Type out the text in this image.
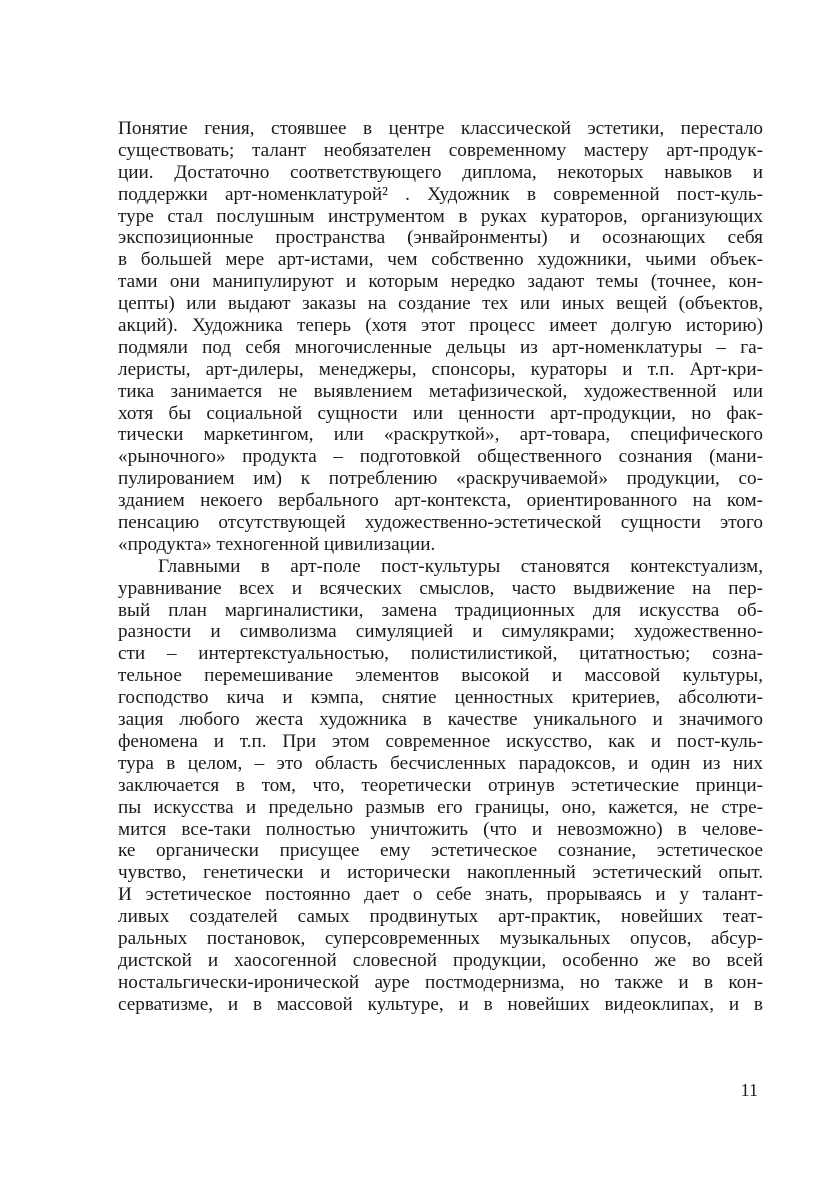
Понятие гения, стоявшее в центре классической эстетики, перестало
существовать; талант необязателен современному мастеру арт-продук-
ции. Достаточно соответствующего диплома, некоторых навыков и
поддержки арт-номенклатурой² . Художник в современной пост-куль-
туре стал послушным инструментом в руках кураторов, организующих
экспозиционные пространства (энвайронменты) и осознающих себя
в большей мере арт-истами, чем собственно художники, чьими объек-
тами они манипулируют и которым нередко задают темы (точнее, кон-
цепты) или выдают заказы на создание тех или иных вещей (объектов,
акций). Художника теперь (хотя этот процесс имеет долгую историю)
подмяли под себя многочисленные дельцы из арт-номенклатуры – га-
леристы, арт-дилеры, менеджеры, спонсоры, кураторы и т.п. Арт-кри-
тика занимается не выявлением метафизической, художественной или
хотя бы социальной сущности или ценности арт-продукции, но фак-
тически маркетингом, или «раскруткой», арт-товара, специфического
«рыночного» продукта – подготовкой общественного сознания (мани-
пулированием им) к потреблению «раскручиваемой» продукции, со-
зданием некоего вербального арт-контекста, ориентированного на ком-
пенсацию отсутствующей художественно-эстетической сущности этого
«продукта» техногенной цивилизации.
Главными в арт-поле пост-культуры становятся контекстуализм,
уравнивание всех и всяческих смыслов, часто выдвижение на пер-
вый план маргиналистики, замена традиционных для искусства об-
разности и символизма симуляцией и симулякрами; художественно-
сти – интертекстуальностью, полистилистикой, цитатностью; созна-
тельное перемешивание элементов высокой и массовой культуры,
господство кича и кэмпа, снятие ценностных критериев, абсолюти-
зация любого жеста художника в качестве уникального и значимого
феномена и т.п. При этом современное искусство, как и пост-куль-
тура в целом, – это область бесчисленных парадоксов, и один из них
заключается в том, что, теоретически отринув эстетические принци-
пы искусства и предельно размыв его границы, оно, кажется, не стре-
мится все-таки полностью уничтожить (что и невозможно) в челове-
ке органически присущее ему эстетическое сознание, эстетическое
чувство, генетически и исторически накопленный эстетический опыт.
И эстетическое постоянно дает о себе знать, прорываясь и у талант-
ливых создателей самых продвинутых арт-практик, новейших теат-
ральных постановок, суперсовременных музыкальных опусов, абсур-
дистской и хаосогенной словесной продукции, особенно же во всей
ностальгически-иронической ауре постмодернизма, но также и в кон-
серватизме, и в массовой культуре, и в новейших видеоклипах, и в
11
